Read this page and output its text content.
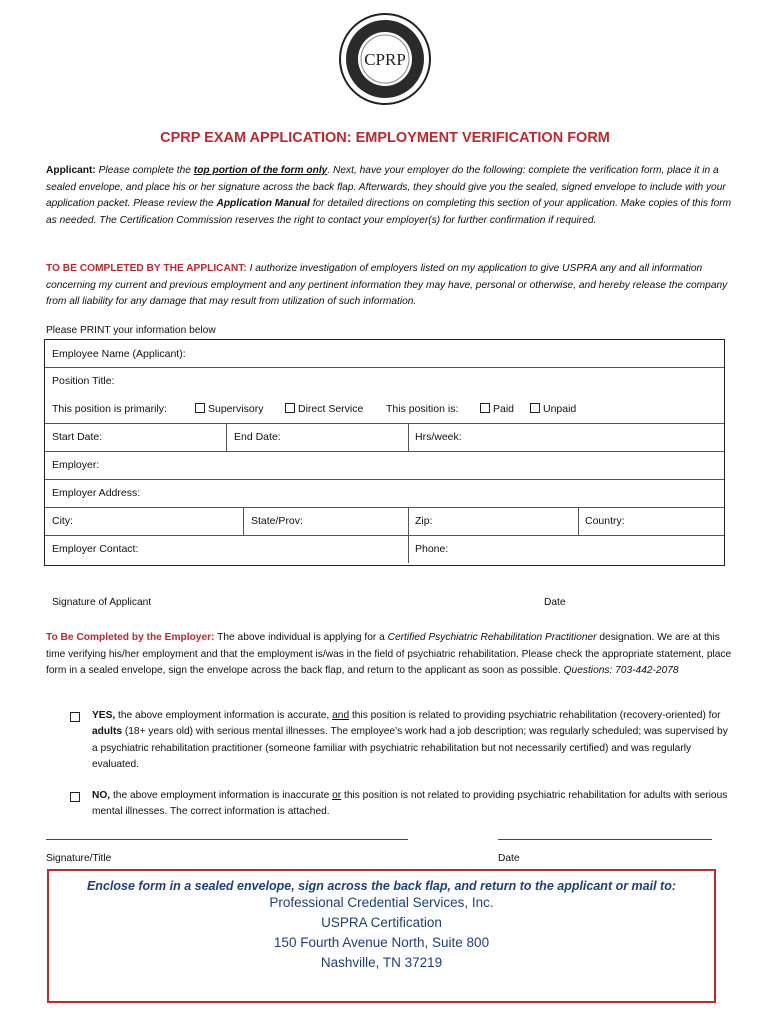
CPRP
CPRP EXAM APPLICATION: EMPLOYMENT VERIFICATION FORM
Applicant: Please complete the top portion of the form only. Next, have your employer do the following: complete the verification form, place it in a sealed envelope, and place his or her signature across the back flap. Afterwards, they should give you the sealed, signed envelope to include with your application packet. Please review the Application Manual for detailed directions on completing this section of your application. Make copies of this form as needed. The Certification Commission reserves the right to contact your employer(s) for further confirmation if required.
TO BE COMPLETED BY THE APPLICANT: I authorize investigation of employers listed on my application to give USPRA any and all information concerning my current and previous employment and any pertinent information they may have, personal or otherwise, and hereby release the company from all liability for any damage that may result from utilization of such information.
Please PRINT your information below
Employee Name (Applicant):
Position Title:
This position is primarily:	Supervisory	Direct Service This position is:	Paid	Unpaid
Start Date:	End Date:	Hrs/week:
Employer:
Employer Address:
City:	State/Prov:	Zip:	Country:
Employer Contact:	Phone:
Signature of Applicant	Date
To Be Completed by the Employer: The above individual is applying for a Certified Psychiatric Rehabilitation Practitioner designation. We are at this time verifying his/her employment and that the employment is/was in the field of psychiatric rehabilitation. Please check the appropriate statement, place form in a sealed envelope, sign the envelope across the back flap, and return to the applicant as soon as possible. Questions: 703-442-2078
YES, the above employment information is accurate, and this position is related to providing psychiatric rehabilitation (recovery-oriented) for adults (18+ years old) with serious mental illnesses. The employee’s work had a job description; was regularly scheduled; was supervised by a psychiatric rehabilitation practitioner (someone familiar with psychiatric rehabilitation but not necessarily certified) and was regularly evaluated.
NO, the above employment information is inaccurate or this position is not related to providing psychiatric rehabilitation for adults with serious mental illnesses. The correct information is attached.
Signature/Title	Date
Enclose form in a sealed envelope, sign across the back flap, and return to the applicant or mail to:
Professional Credential Services, Inc.
USPRA Certification
150 Fourth Avenue North, Suite 800
Nashville, TN 37219
